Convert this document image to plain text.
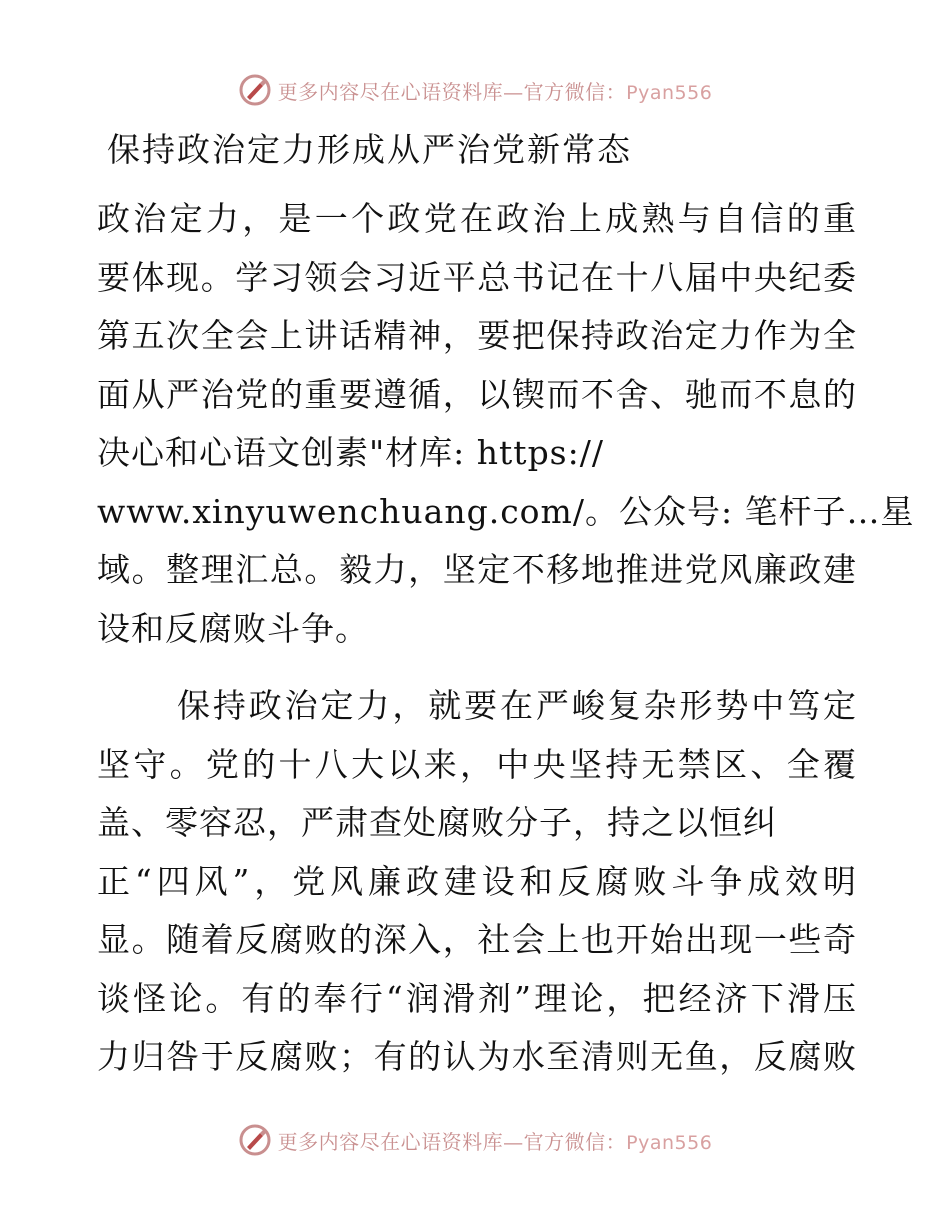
更多内容尽在心语资料库—官方微信：Pyan556
保持政治定力形成从严治党新常态
政治定力，是一个政党在政治上成熟与自信的重
要体现。学习领会习近平总书记在十八届中央纪委
第五次全会上讲话精神，要把保持政治定力作为全
面从严治党的重要遵循，以锲而不舍、驰而不息的
决心和心语文创素"材库: https://
www.xinyuwenchuang.com/。公众号: 笔杆子…星
域。整理汇总。毅力，坚定不移地推进党风廉政建
设和反腐败斗争。
保持政治定力，就要在严峻复杂形势中笃定
坚守。党的十八大以来，中央坚持无禁区、全覆
盖、零容忍，严肃查处腐败分子，持之以恒纠
正“四风”，党风廉政建设和反腐败斗争成效明
显。随着反腐败的深入，社会上也开始出现一些奇
谈怪论。有的奉行“润滑剂”理论，把经济下滑压
力归咎于反腐败；有的认为水至清则无鱼，反腐败
更多内容尽在心语资料库—官方微信：Pyan556
